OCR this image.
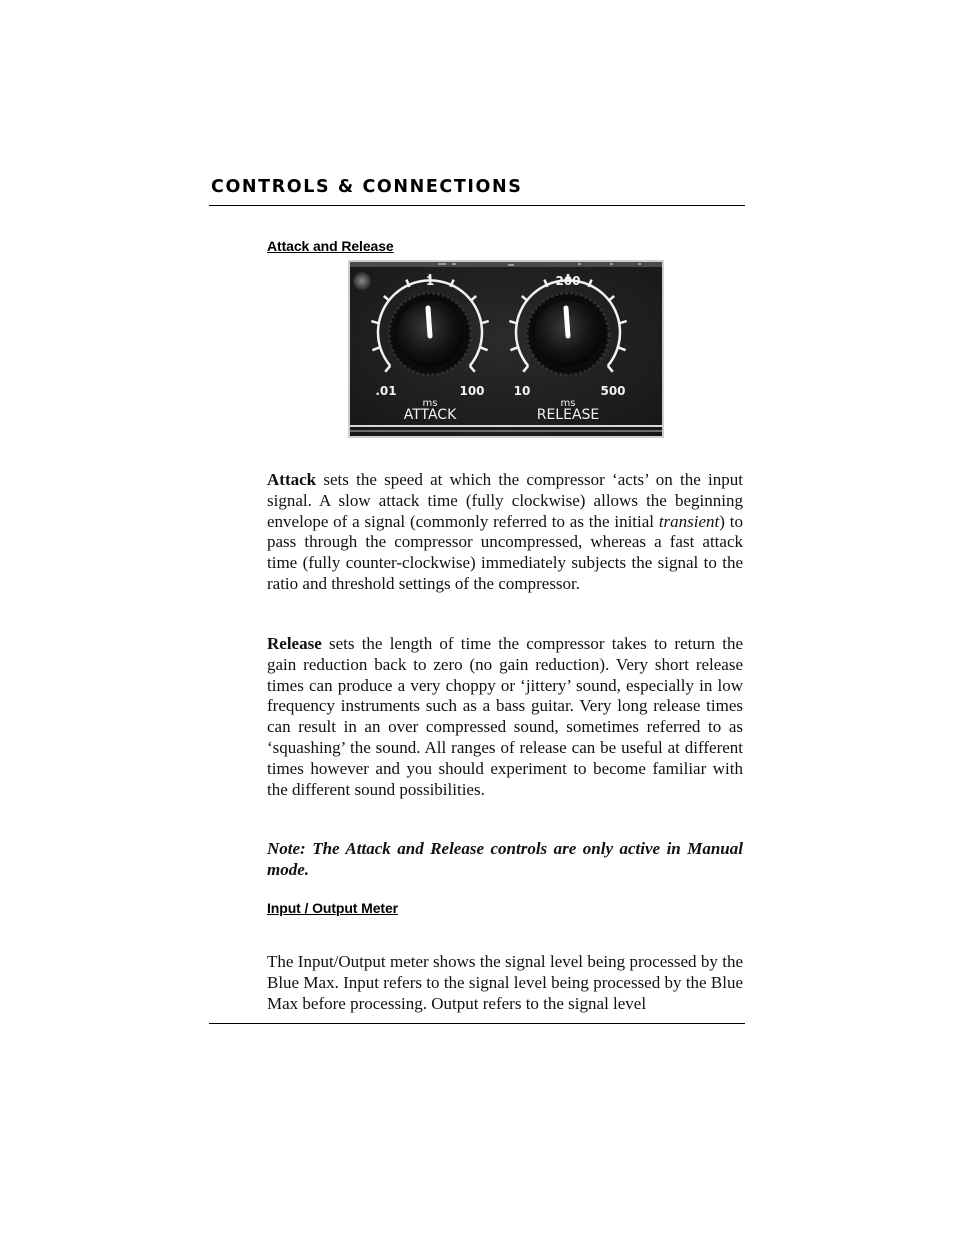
CONTROLS & CONNECTIONS
Attack and Release
1
.01	100
ms
ATTACK
200
10	500
ms
RELEASE

Attack sets the speed at which the compressor ‘acts’ on the input signal. A slow attack time (fully clockwise) allows the beginning envelope of a signal (commonly referred to as the initial transient) to pass through the compressor uncompressed, whereas a fast attack time (fully counter-clockwise) immediately subjects the signal to the ratio and threshold settings of the compressor.

Release sets the length of time the compressor takes to return the gain reduction back to zero (no gain reduction). Very short release times can produce a very choppy or ‘jittery’ sound, especially in low frequency instruments such as a bass guitar. Very long release times can result in an over compressed sound, sometimes referred to as ‘squashing’ the sound. All ranges of release can be useful at different times however and you should experiment to become familiar with the different sound possibilities.

Note: The Attack and Release controls are only active in Manual mode.

Input / Output Meter

The Input/Output meter shows the signal level being processed by the Blue Max. Input refers to the signal level being processed by the Blue Max before processing. Output refers to the signal level
